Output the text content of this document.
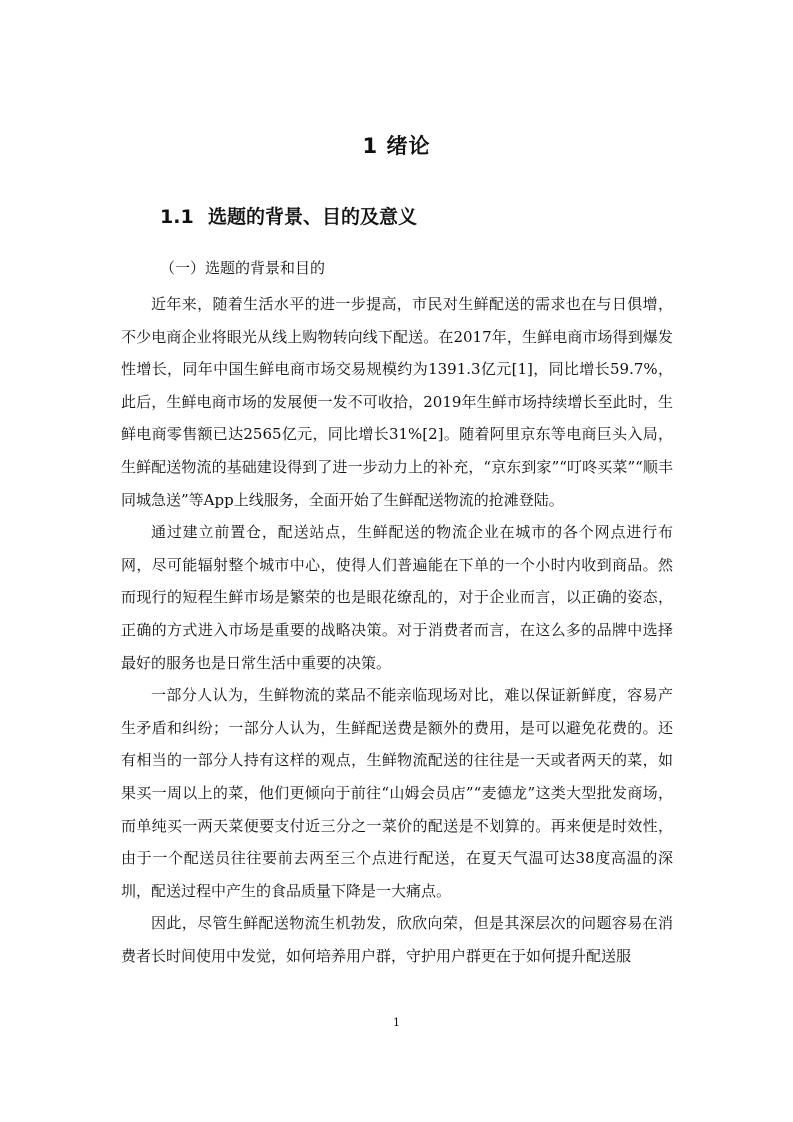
1 绪论
1.1 选题的背景、目的及意义
（一）选题的背景和目的

近年来，随着生活水平的进一步提高，市民对生鲜配送的需求也在与日俱增，不少电商企业将眼光从线上购物转向线下配送。在2017年，生鲜电商市场得到爆发性增长，同年中国生鲜电商市场交易规模约为1391.3亿元[1]，同比增长59.7%，此后，生鲜电商市场的发展便一发不可收拾，2019年生鲜市场持续增长至此时，生鲜电商零售额已达2565亿元，同比增长31%[2]。随着阿里京东等电商巨头入局，生鲜配送物流的基础建设得到了进一步动力上的补充，“京东到家”“叮咚买菜”“顺丰同城急送”等App上线服务，全面开始了生鲜配送物流的抢滩登陆。

通过建立前置仓，配送站点，生鲜配送的物流企业在城市的各个网点进行布网，尽可能辐射整个城市中心，使得人们普遍能在下单的一个小时内收到商品。然而现行的短程生鲜市场是繁荣的也是眼花缭乱的，对于企业而言，以正确的姿态，正确的方式进入市场是重要的战略决策。对于消费者而言，在这么多的品牌中选择最好的服务也是日常生活中重要的决策。

一部分人认为，生鲜物流的菜品不能亲临现场对比，难以保证新鲜度，容易产生矛盾和纠纷；一部分人认为，生鲜配送费是额外的费用，是可以避免花费的。还有相当的一部分人持有这样的观点，生鲜物流配送的往往是一天或者两天的菜，如果买一周以上的菜，他们更倾向于前往“山姆会员店”“麦德龙”这类大型批发商场，而单纯买一两天菜便要支付近三分之一菜价的配送是不划算的。再来便是时效性，由于一个配送员往往要前去两至三个点进行配送，在夏天气温可达38度高温的深圳，配送过程中产生的食品质量下降是一大痛点。

因此，尽管生鲜配送物流生机勃发，欣欣向荣，但是其深层次的问题容易在消费者长时间使用中发觉，如何培养用户群，守护用户群更在于如何提升配送服

1
